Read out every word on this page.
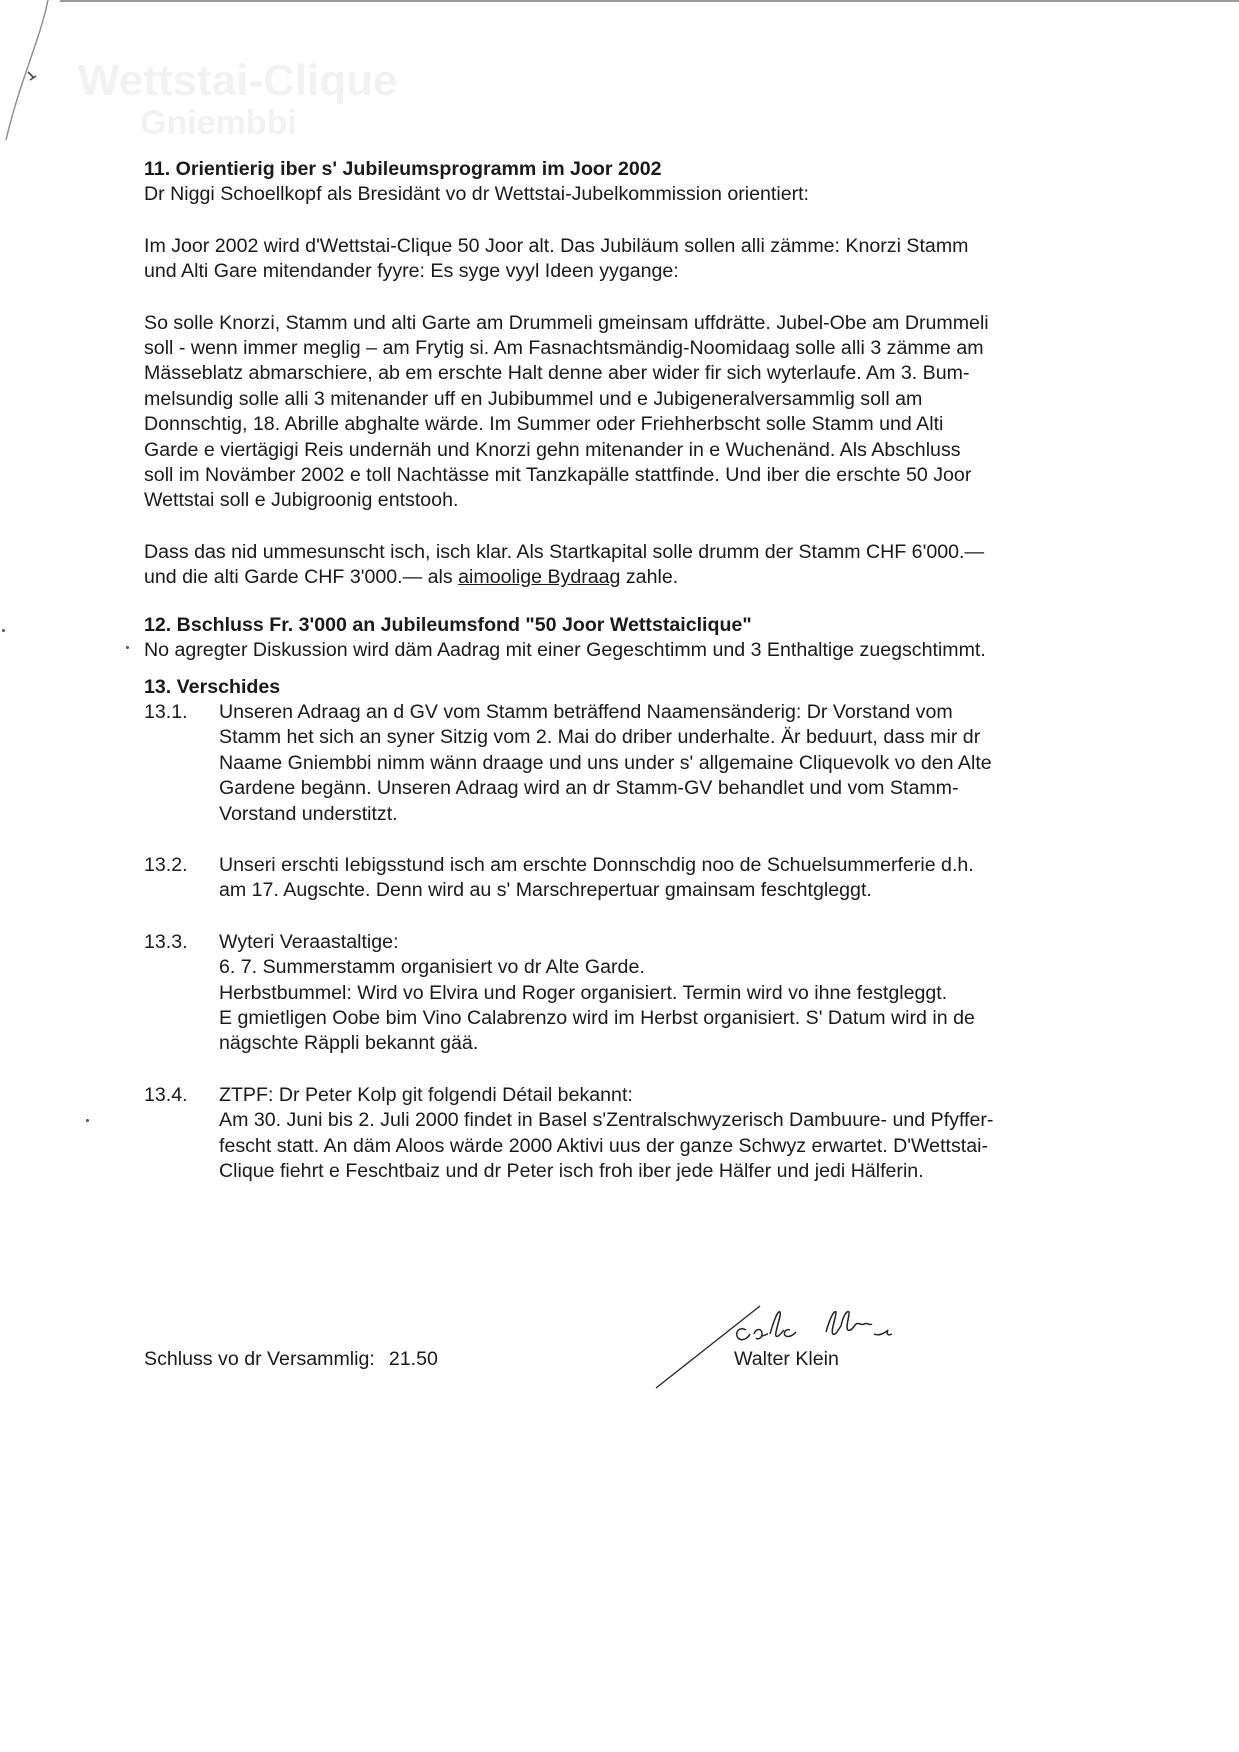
Wettstai-Clique
Gniembbi

11. Orientierig iber s' Jubileumsprogramm im Joor 2002

Dr Niggi Schoellkopf als Bresidänt vo dr Wettstai-Jubelkommission orientiert:

Im Joor 2002 wird d'Wettstai-Clique 50 Joor alt. Das Jubiläum sollen alli zämme: Knorzi Stamm

und Alti Gare mitendander fyyre: Es syge vyyl Ideen yygange:

So solle Knorzi, Stamm und alti Garte am Drummeli gmeinsam uffdrätte. Jubel-Obe am Drummeli

soll - wenn immer meglig – am Frytig si. Am Fasnachtsmändig-Noomidaag solle alli 3 zämme am

Mässeblatz abmarschiere, ab em erschte Halt denne aber wider fir sich wyterlaufe. Am 3. Bum-

melsundig solle alli 3 mitenander uff en Jubibummel und e Jubigeneralversammlig soll am

Donnschtig, 18. Abrille abghalte wärde. Im Summer oder Friehherbscht solle Stamm und Alti

Garde e viertägigi Reis undernäh und Knorzi gehn mitenander in e Wuchenänd. Als Abschluss

soll im Novämber 2002 e toll Nachtässe mit Tanzkapälle stattfinde. Und iber die erschte 50 Joor

Wettstai soll e Jubigroonig entstooh.

Dass das nid ummesunscht isch, isch klar. Als Startkapital solle drumm der Stamm CHF 6'000.—

und die alti Garde CHF 3'000.— als aimoolige Bydraag zahle.

12. Bschluss Fr. 3'000 an Jubileumsfond "50 Joor Wettstaiclique"

No agregter Diskussion wird däm Aadrag mit einer Gegeschtimm und 3 Enthaltige zuegschtimmt.

13. Verschides

13.1.	Unseren Adraag an d GV vom Stamm beträffend Naamensänderig: Dr Vorstand vom
Stamm het sich an syner Sitzig vom 2. Mai do driber underhalte. Är beduurt, dass mir dr
Naame Gniembbi nimm wänn draage und uns under s' allgemaine Cliquevolk vo den Alte
Gardene begänn. Unseren Adraag wird an dr Stamm-GV behandlet und vom Stamm-
Vorstand understitzt.
13.2.	Unseri erschti Iebigsstund isch am erschte Donnschdig noo de Schuelsummerferie d.h.
am 17. Augschte. Denn wird au s' Marschrepertuar gmainsam feschtgleggt.
13.3.	Wyteri Veraastaltige:
6. 7. Summerstamm organisiert vo dr Alte Garde.
Herbstbummel: Wird vo Elvira und Roger organisiert. Termin wird vo ihne festgleggt.
E gmietligen Oobe bim Vino Calabrenzo wird im Herbst organisiert. S' Datum wird in de
nägschte Räppli bekannt gää.
13.4.	ZTPF: Dr Peter Kolp git folgendi Détail bekannt:
Am 30. Juni bis 2. Juli 2000 findet in Basel s'Zentralschwyzerisch Dambuure- und Pfyffer-
fescht statt. An däm Aloos wärde 2000 Aktivi uus der ganze Schwyz erwartet. D'Wettstai-
Clique fiehrt e Feschtbaiz und dr Peter isch froh iber jede Hälfer und jedi Hälferin.
Schluss vo dr Versammlig: 21.50	Walter Klein
